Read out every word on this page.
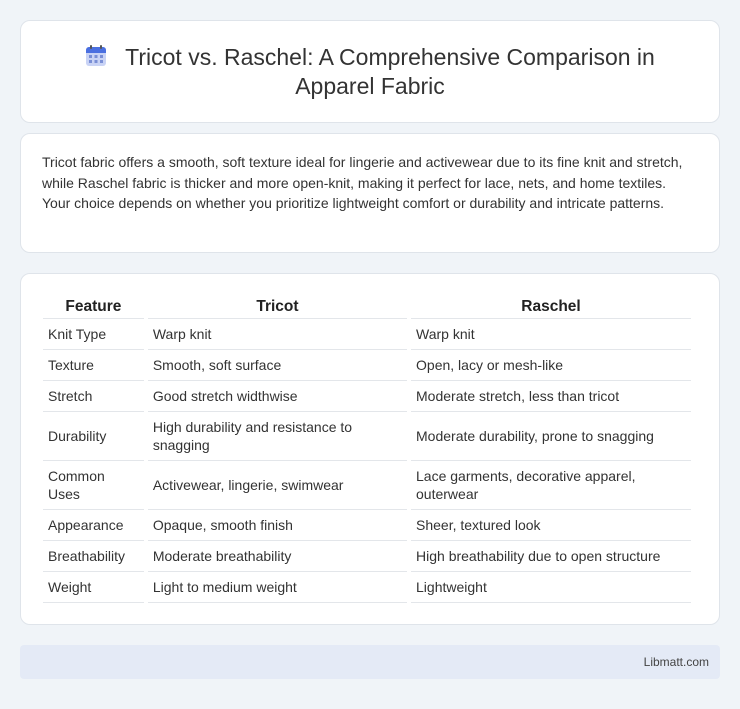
Tricot vs. Raschel: A Comprehensive Comparison in Apparel Fabric

Tricot fabric offers a smooth, soft texture ideal for lingerie and activewear due to its fine knit and stretch, while Raschel fabric is thicker and more open-knit, making it perfect for lace, nets, and home textiles. Your choice depends on whether you prioritize lightweight comfort or durability and intricate patterns.

Feature	Tricot	Raschel
Knit Type	Warp knit	Warp knit
Texture	Smooth, soft surface	Open, lacy or mesh-like
Stretch	Good stretch widthwise	Moderate stretch, less than tricot
Durability	High durability and resistance to snagging	Moderate durability, prone to snagging
Common Uses	Activewear, lingerie, swimwear	Lace garments, decorative apparel, outerwear
Appearance	Opaque, smooth finish	Sheer, textured look
Breathability	Moderate breathability	High breathability due to open structure
Weight	Light to medium weight	Lightweight
Libmatt.com
